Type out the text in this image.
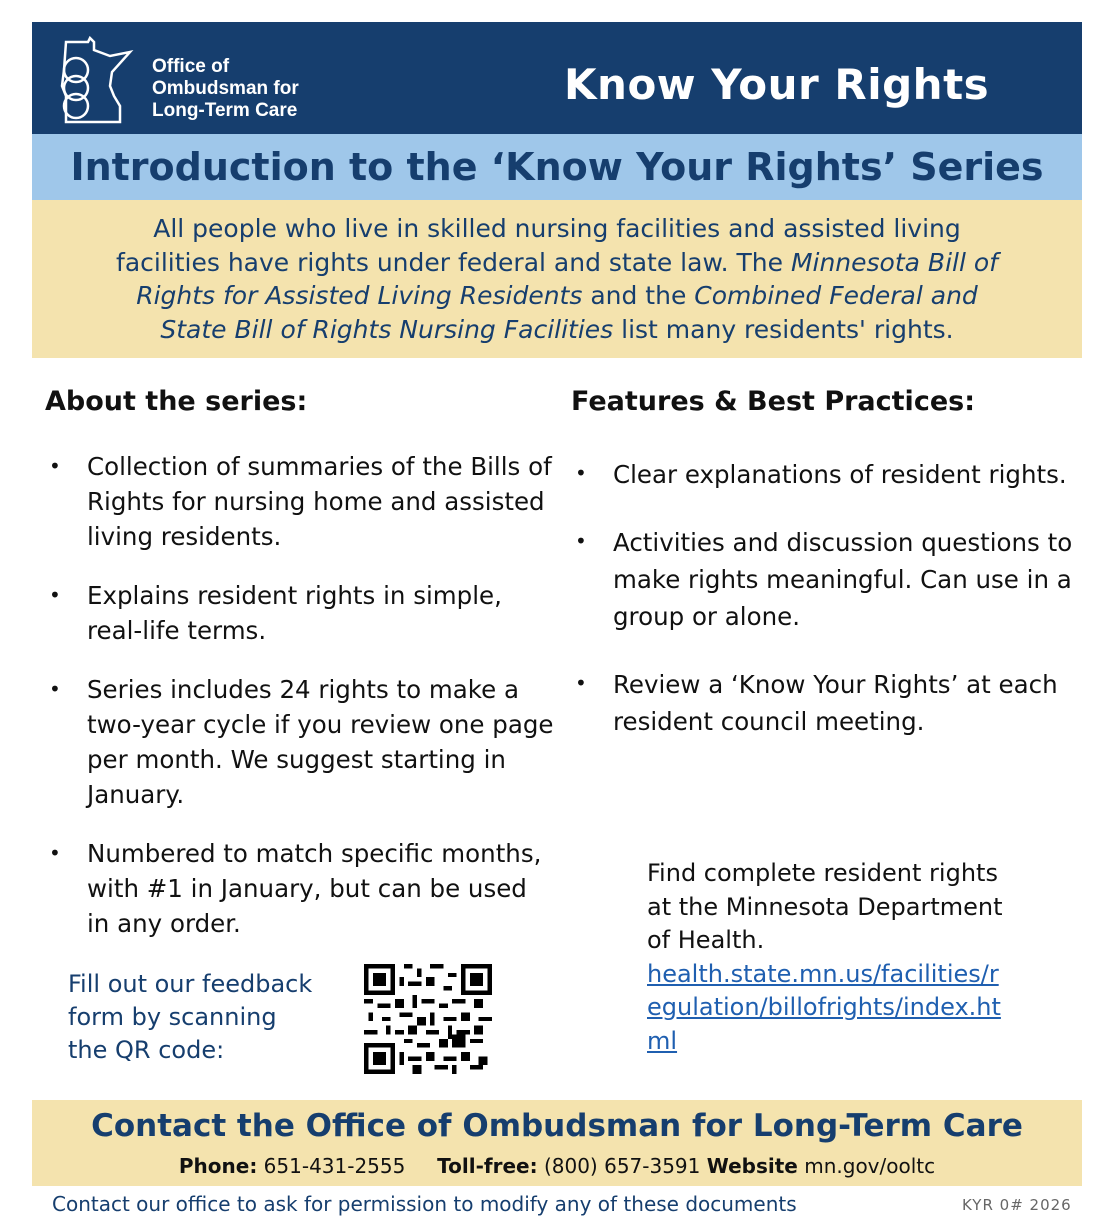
Office of
Ombudsman for
Long-Term Care
Know Your Rights
Introduction to the ‘Know Your Rights’ Series
All people who live in skilled nursing facilities and assisted living
facilities have rights under federal and state law. The Minnesota Bill of
Rights for Assisted Living Residents and the Combined Federal and
State Bill of Rights Nursing Facilities list many residents' rights.
About the series:
• Collection of summaries of the Bills of Rights for nursing home and assisted living residents.
• Explains resident rights in simple, real-life terms.
• Series includes 24 rights to make a two-year cycle if you review one page per month. We suggest starting in January.
• Numbered to match specific months, with #1 in January, but can be used in any order.
Features & Best Practices:
• Clear explanations of resident rights.
• Activities and discussion questions to make rights meaningful. Can use in a group or alone.
• Review a ‘Know Your Rights’ at each resident council meeting.
Fill out our feedback
form by scanning
the QR code:
Find complete resident rights
at the Minnesota Department
of Health.
health.state.mn.us/facilities/r
egulation/billofrights/index.ht
ml
Contact the Office of Ombudsman for Long-Term Care
Phone: 651-431-2555 Toll-free: (800) 657-3591 Website mn.gov/ooltc
Contact our office to ask for permission to modify any of these documents	KYR 0# 2026
